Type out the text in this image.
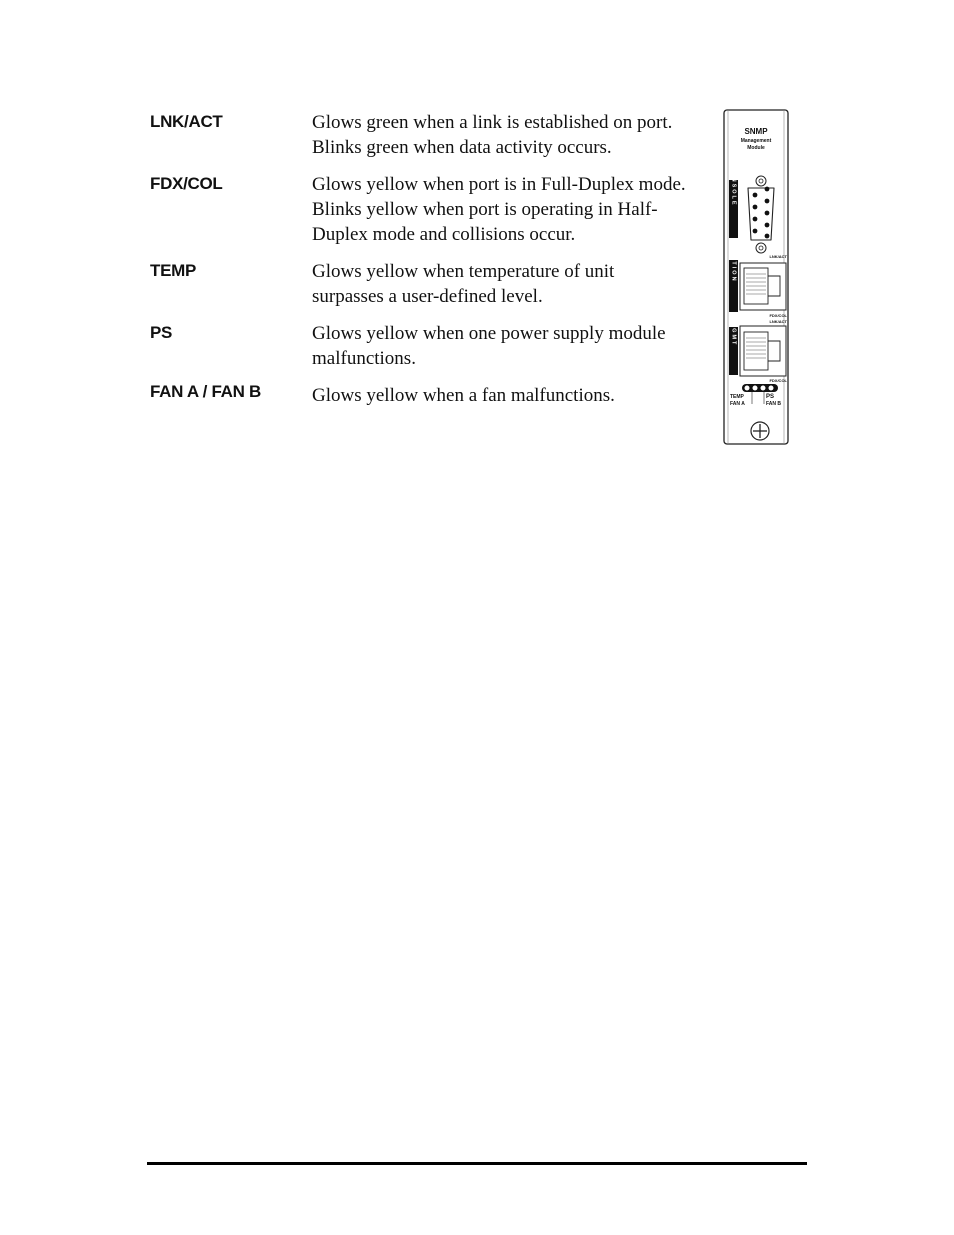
LNK/ACT	Glows green when a link is established on port.
Blinks green when data activity occurs.
FDX/COL	Glows yellow when port is in Full-Duplex mode.
Blinks yellow when port is operating in Half-
Duplex mode and collisions occur.
TEMP	Glows yellow when temperature of unit
surpasses a user-defined level.
PS	Glows yellow when one power supply module
malfunctions.
FAN A / FAN B	Glows yellow when a fan malfunctions.
SNMP
Management
Module
CONSOLE
LNK/ACT
OPTION
FDX/COL
LNK/ACT
MGMT
FDX/COL
TEMP	PS
FAN A	FAN B
